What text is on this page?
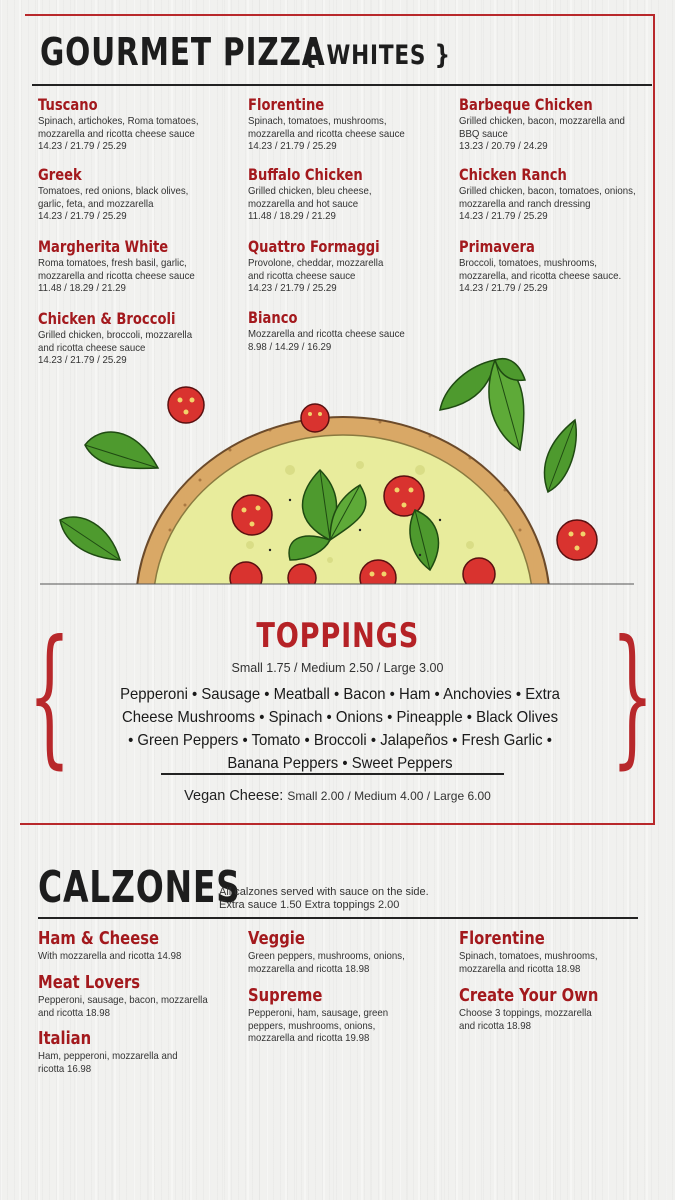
GOURMET PIZZA
{ WHITES }
Tuscano
Spinach, artichokes, Roma tomatoes, mozzarella and ricotta cheese sauce
14.23 / 21.79 / 25.29
Greek
Tomatoes, red onions, black olives, garlic, feta, and mozzarella
14.23 / 21.79 / 25.29
Margherita White
Roma tomatoes, fresh basil, garlic, mozzarella and ricotta cheese sauce
11.48 / 18.29 / 21.29
Chicken & Broccoli
Grilled chicken, broccoli, mozzarella and ricotta cheese sauce
14.23 / 21.79 / 25.29
Florentine
Spinach, tomatoes, mushrooms, mozzarella and ricotta cheese sauce
14.23 / 21.79 / 25.29
Buffalo Chicken
Grilled chicken, bleu cheese, mozzarella and hot sauce
11.48 / 18.29 / 21.29
Quattro Formaggi
Provolone, cheddar, mozzarella and ricotta cheese sauce
14.23 / 21.79 / 25.29
Bianco
Mozzarella and ricotta cheese sauce
8.98 / 14.29 / 16.29
Barbeque Chicken
Grilled chicken, bacon, mozzarella and BBQ sauce
13.23 / 20.79 / 24.29
Chicken Ranch
Grilled chicken, bacon, tomatoes, onions, mozzarella and ranch dressing
14.23 / 21.79 / 25.29
Primavera
Broccoli, tomatoes, mushrooms, mozzarella, and ricotta cheese sauce.
14.23 / 21.79 / 25.29
{	}
TOPPINGS
Small 1.75 / Medium 2.50 / Large 3.00
Pepperoni • Sausage • Meatball • Bacon • Ham • Anchovies • Extra
Cheese Mushrooms • Spinach • Onions • Pineapple • Black Olives
• Green Peppers • Tomato • Broccoli • Jalapeños • Fresh Garlic •
Banana Peppers • Sweet Peppers
Vegan Cheese: Small 2.00 / Medium 4.00 / Large 6.00
CALZONES
All calzones served with sauce on the side.
Extra sauce 1.50 Extra toppings 2.00
Ham & Cheese
With mozzarella and ricotta 14.98
Meat Lovers
Pepperoni, sausage, bacon, mozzarella and ricotta 18.98
Italian
Ham, pepperoni, mozzarella and ricotta 16.98
Veggie
Green peppers, mushrooms, onions, mozzarella and ricotta 18.98
Supreme
Pepperoni, ham, sausage, green peppers, mushrooms, onions, mozzarella and ricotta 19.98
Florentine
Spinach, tomatoes, mushrooms, mozzarella and ricotta 18.98
Create Your Own
Choose 3 toppings, mozzarella and ricotta 18.98
